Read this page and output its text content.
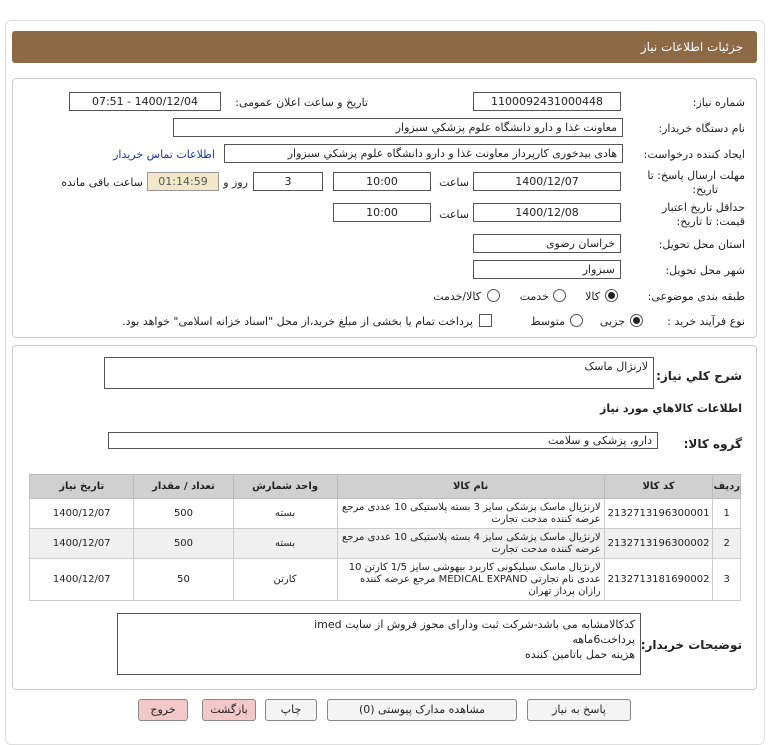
جزئیات اطلاعات نیاز
شماره نیاز:
1100092431000448
تاریخ و ساعت اعلان عمومی:
1400/12/04 - 07:51
نام دستگاه خریدار:
معاونت غذا و دارو دانشگاه علوم پزشکي سبزوار
ایجاد کننده درخواست:
هادی بیدخوری کارپرداز معاونت غذا و دارو دانشگاه علوم پزشکي سبزوار
اطلاعات تماس خریدار
مهلت ارسال پاسخ: تا
تاریخ:
1400/12/07
ساعت
10:00
3
روز و
01:14:59
ساعت باقی مانده
حداقل تاریخ اعتبار
قیمت: تا تاریخ:
1400/12/08
ساعت
10:00
استان محل تحویل:
خراسان رضوی
شهر محل تحویل:
سبزوار
طبقه بندی موضوعی:
کالا
خدمت
کالا/خدمت
نوع فرآیند خرید :
جزیی
متوسط
پرداخت تمام یا بخشی از مبلغ خرید،از محل "اسناد خزانه اسلامی" خواهد بود.
شرح کلي نياز:
لارنژال ماسک
اطلاعات کالاهاي مورد نياز
گروه کالا:
دارو، پزشکی و سلامت
ردیف	کد کالا	نام کالا	واحد شمارش	تعداد / مقدار	تاریخ نیاز
1	2132713196300001	لارنژیال ماسک پزشکی سایز 3 بسته پلاستیکی 10 عددی مرجع عرضه کننده مدحت تجارت	بسته	500	1400/12/07
2	2132713196300002	لارنژیال ماسک پزشکی سایز 4 بسته پلاستیکی 10 عددی مرجع عرضه کننده مدحت تجارت	بسته	500	1400/12/07
3	2132713181690002	لارنژیال ماسک سیلیکونی کاربرد بیهوشی سایز 1/5 کارتن 10 عددی نام تجارتی MEDICAL EXPAND مرجع عرضه کننده رازان پرداز تهران	کارتن	50	1400/12/07
توضیحات خریدار:
کدکالامشابه می باشد-شرکت ثبت ودارای مجوز فروش از سایت imed
پرداخت6ماهه
هزینه حمل باتامین کننده
پاسخ به نیاز
مشاهده مدارک پیوستی (0)
چاپ
بازگشت
خروج
